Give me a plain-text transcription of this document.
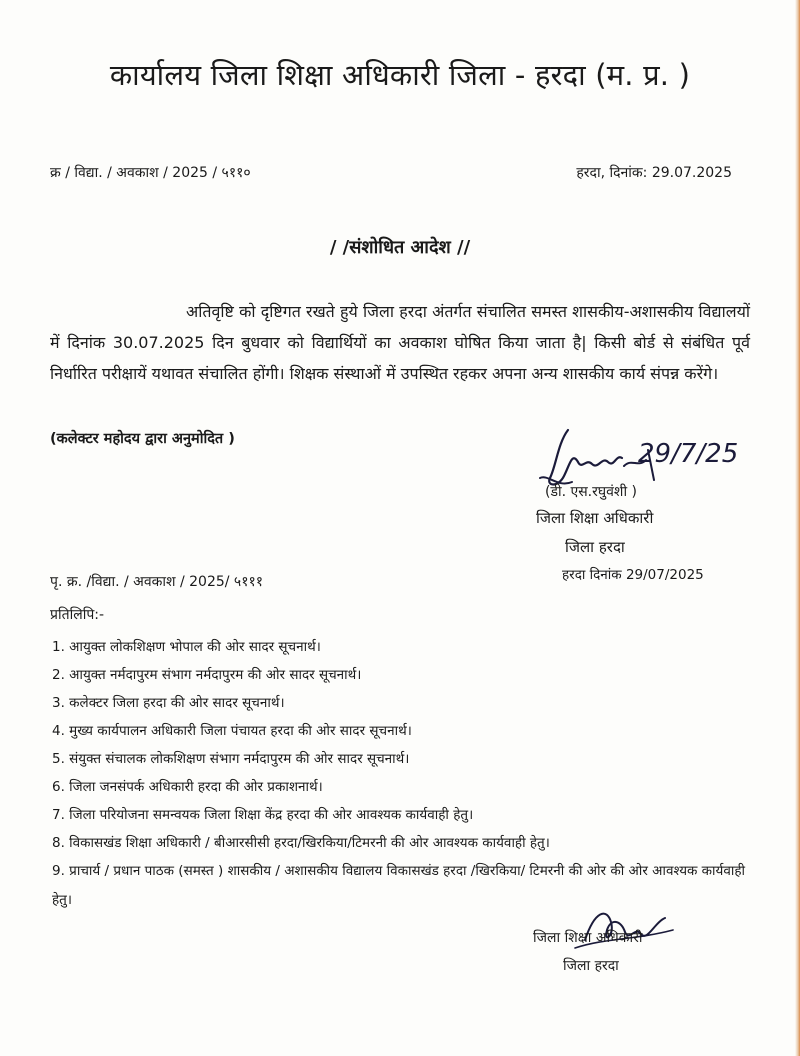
कार्यालय जिला शिक्षा अधिकारी जिला - हरदा (म. प्र. )
क्र / विद्या. / अवकाश / 2025 / ५११०	हरदा, दिनांक: 29.07.2025
/ /संशोधित आदेश //

अतिवृष्टि को दृष्टिगत रखते हुये जिला हरदा अंतर्गत संचालित समस्त शासकीय-अशासकीय विद्यालयों में दिनांक 30.07.2025 दिन बुधवार को विद्यार्थियों का अवकाश घोषित किया जाता है| किसी बोर्ड से संबंधित पूर्व निर्धारित परीक्षायें यथावत संचालित होंगी। शिक्षक संस्थाओं में उपस्थित रहकर अपना अन्य शासकीय कार्य संपन्न करेंगे।

(कलेक्टर महोदय द्वारा अनुमोदित )	29/7/25
(डी. एस.रघुवंशी )
जिला शिक्षा अधिकारी
जिला हरदा
पृ. क्र. /विद्या. / अवकाश / 2025/ ५१११	हरदा दिनांक 29/07/2025
प्रतिलिपि:-
1. आयुक्त लोकशिक्षण भोपाल की ओर सादर सूचनार्थ।
2. आयुक्त नर्मदापुरम संभाग नर्मदापुरम की ओर सादर सूचनार्थ।
3. कलेक्टर जिला हरदा की ओर सादर सूचनार्थ।
4. मुख्य कार्यपालन अधिकारी जिला पंचायत हरदा की ओर सादर सूचनार्थ।
5. संयुक्त संचालक लोकशिक्षण संभाग नर्मदापुरम की ओर सादर सूचनार्थ।
6. जिला जनसंपर्क अधिकारी हरदा की ओर प्रकाशनार्थ।
7. जिला परियोजना समन्वयक जिला शिक्षा केंद्र हरदा की ओर आवश्यक कार्यवाही हेतु।
8. विकासखंड शिक्षा अधिकारी / बीआरसीसी हरदा/खिरकिया/टिमरनी की ओर आवश्यक कार्यवाही हेतु।
9. प्राचार्य / प्रधान पाठक (समस्त ) शासकीय / अशासकीय विद्यालय विकासखंड हरदा /खिरकिया/ टिमरनी की ओर की ओर आवश्यक कार्यवाही हेतु।
जिला शिक्षा अधिकारी
जिला हरदा
